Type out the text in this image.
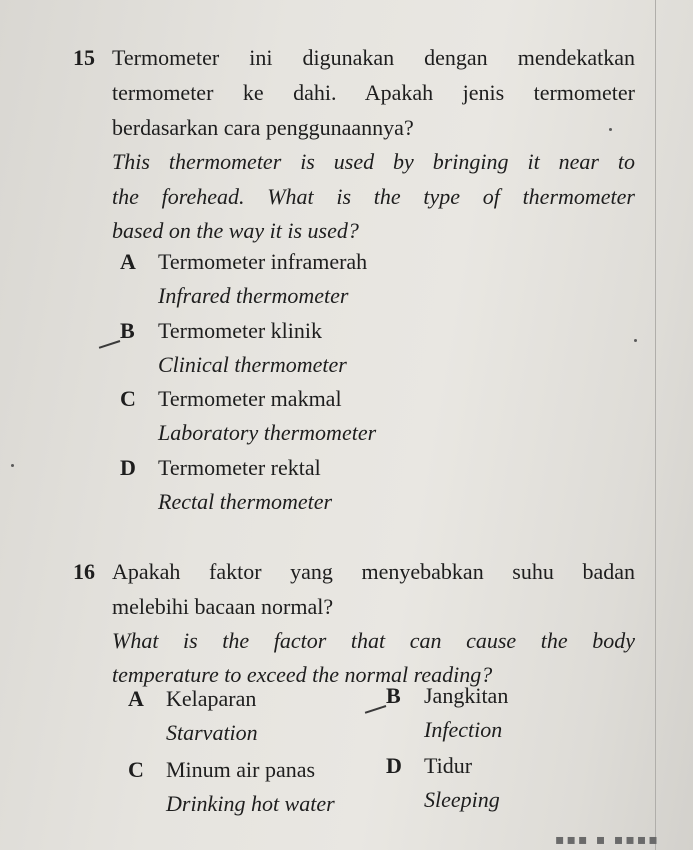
15 Termometer ini digunakan dengan mendekatkan
termometer ke dahi. Apakah jenis termometer
berdasarkan cara penggunaannya?
This thermometer is used by bringing it near to
the forehead. What is the type of thermometer
based on the way it is used?
A Termometer inframerah
Infrared thermometer
B Termometer klinik
Clinical thermometer
C Termometer makmal
Laboratory thermometer
D Termometer rektal
Rectal thermometer
16 Apakah faktor yang menyebabkan suhu badan
melebihi bacaan normal?
What is the factor that can cause the body
temperature to exceed the normal reading?
A Kelaparan
Starvation
B Jangkitan
Infection
C Minum air panas
Drinking hot water
D Tidur
Sleeping
▪▪▪ ▪ ▪▪▪▪
